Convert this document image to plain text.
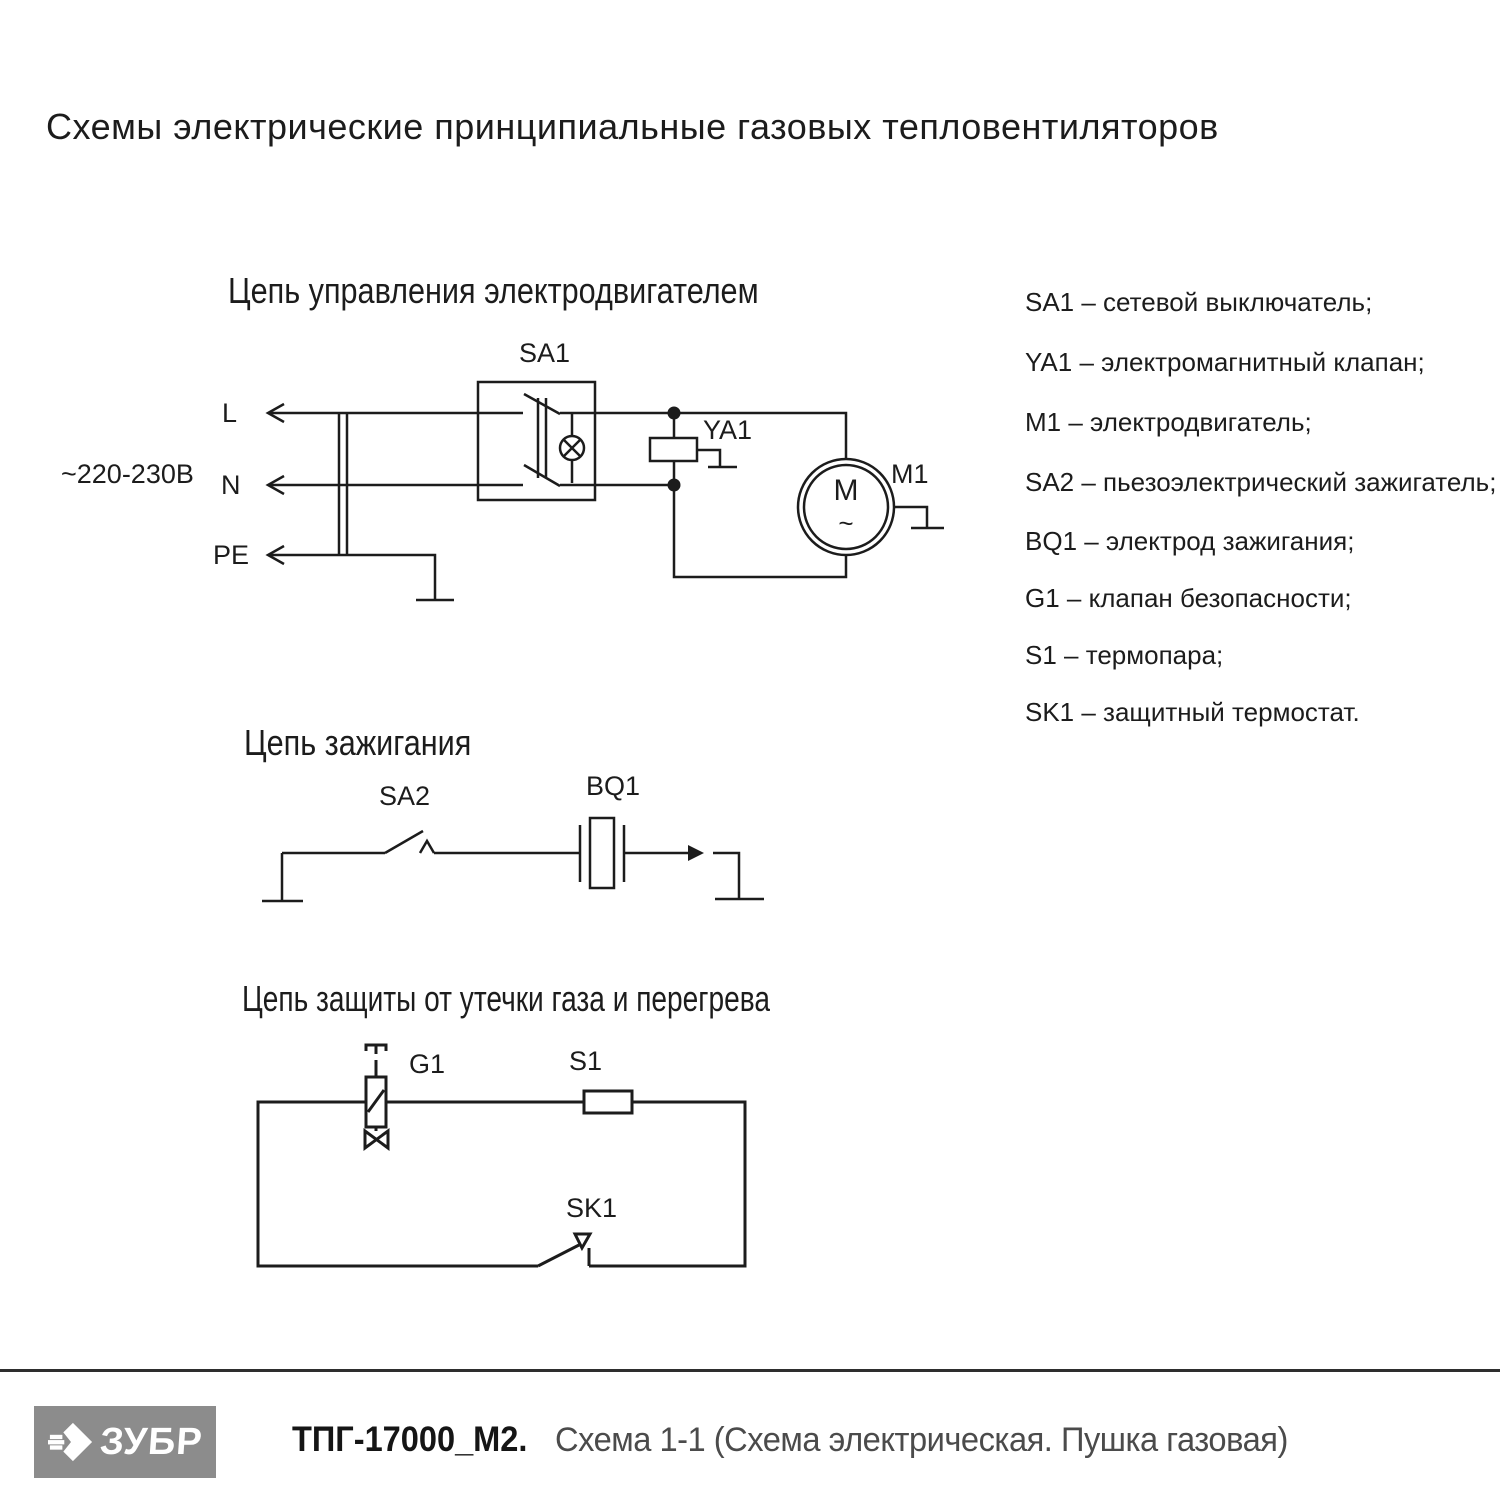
Схемы электрические принципиальные газовых тепловентиляторов
Цепь управления электродвигателем
~220-230В
L
N
PE
SA1
YA1
M1
M
~
SA1 – сетевой выключатель;
YA1 – электромагнитный клапан;
M1 – электродвигатель;
SA2 – пьезоэлектрический зажигатель;
BQ1 – электрод зажигания;
G1 – клапан безопасности;
S1 – термопара;
SK1 – защитный термостат.
Цепь зажигания
SA2	BQ1
Цепь защиты от утечки газа и перегрева
G1	S1
SK1
ЗУБР	ТПГ-17000_М2. Схема 1-1 (Схема электрическая. Пушка газовая)
